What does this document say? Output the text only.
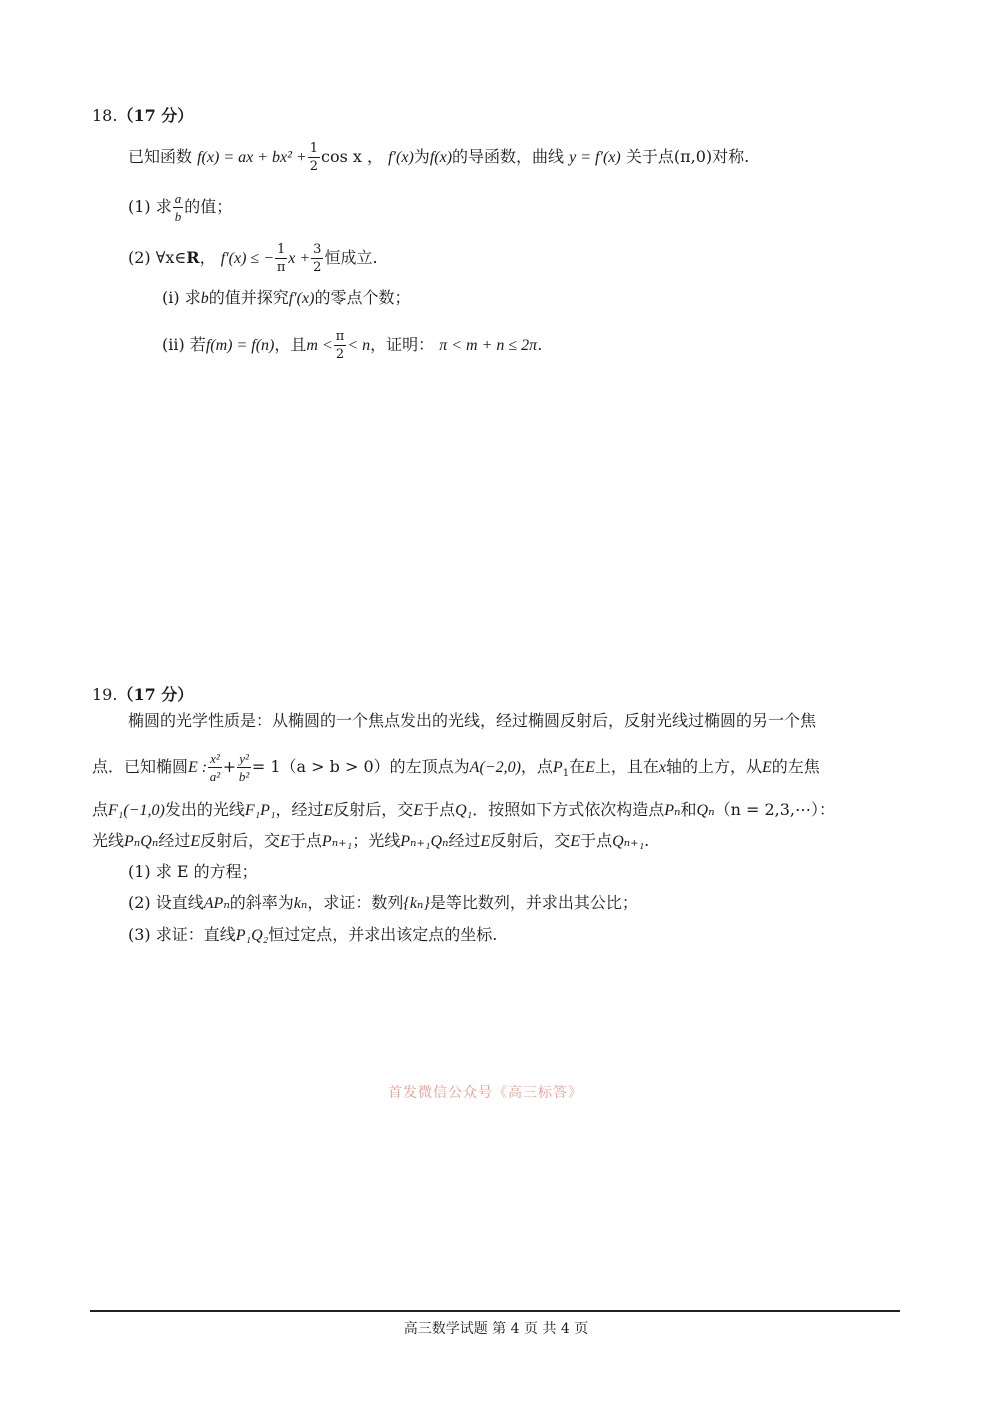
18.（17 分）
已知函数 f(x) = ax + $bx^2 + \frac{1}{2}$ cos x ， f′(x)为f(x)的导函数，曲线 y = f′(x) 关于点(π,0)对称.
(1) 求 $\frac{a}{b}$ 的值；
(2) ∀x∈R， f′(x) ≤ − $\frac{1}{\pi}$ $x + \frac{3}{2}$ 恒成立.
(ⅰ) 求b的值并探究f′(x)的零点个数；
(ⅱ) 若f(m) = f(n)，且$m < \frac{\pi}{2} < n$，证明： π < m + n ≤ 2π.
19.（17 分）
椭圆的光学性质是：从椭圆的一个焦点发出的光线，经过椭圆反射后，反射光线过椭圆的另一个焦
点．已知椭圆E : $\frac{\text{x²}}{\text{a²}} + \frac{\text{y²}}{\text{b²}} = 1(a > b > 0)$的左顶点为A(−2,0)，点$P_1$在E上，且在x轴的上方，从E的左焦
点F₁(−1,0)发出的光线F₁P₁，经过E反射后，交E于点Q₁．按照如下方式依次构造点Pₙ和Qₙ（n = 2,3,⋯）：
光线PₙQₙ经过E反射后，交E于点Pₙ₊₁；光线Pₙ₊₁Qₙ经过E反射后，交E于点Qₙ₊₁.
(1) 求 E 的方程；
(2) 设直线APₙ的斜率为kₙ，求证：数列{kₙ}是等比数列，并求出其公比；
(3) 求证：直线P₁Q₂恒过定点，并求出该定点的坐标.
首发微信公众号《高三标答》
高三数学试题 第 4 页 共 4 页
